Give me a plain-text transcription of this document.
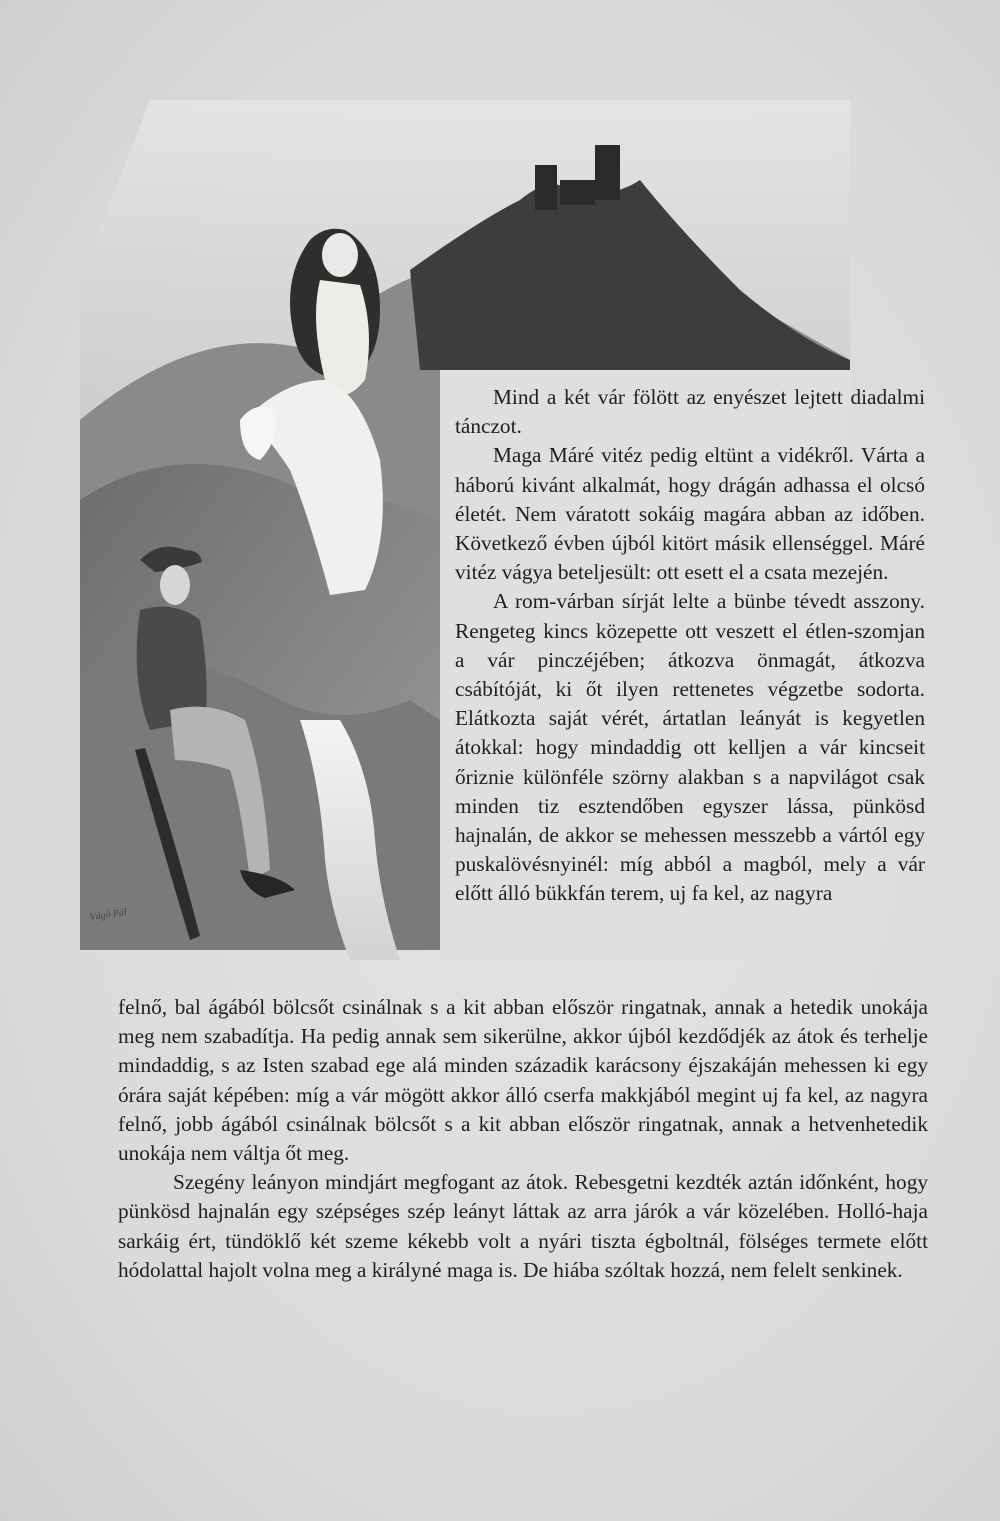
Morelli R. K.
Vágó Pál

Mind a két vár fölött az enyészet lejtett diadalmi tánczot.

Maga Máré vitéz pedig eltünt a vidékről. Várta a háború kivánt alkalmát, hogy drágán adhassa el olcsó életét. Nem váratott sokáig magára abban az időben. Következő évben újból kitört másik ellenséggel. Máré vitéz vágya beteljesült: ott esett el a csata mezején.

A rom-várban sírját lelte a bünbe tévedt asszony. Rengeteg kincs közepette ott veszett el étlen-szomjan a vár pinczéjében; átkozva önmagát, átkozva csábítóját, ki őt ilyen rettenetes végzetbe sodorta. Elátkozta saját vérét, ártatlan leányát is kegyetlen átokkal: hogy mindaddig ott kelljen a vár kincseit őriznie különféle szörny alakban s a napvilágot csak minden tiz esztendőben egyszer lássa, pünkösd hajnalán, de akkor se mehessen messzebb a vártól egy puskalövésnyinél: míg abból a magból, mely a vár előtt álló bükkfán terem, uj fa kel, az nagyra

felnő, bal ágából bölcsőt csinálnak s a kit abban először ringatnak, annak a hetedik unokája meg nem szabadítja. Ha pedig annak sem sikerülne, akkor újból kezdődjék az átok és terhelje mindaddig, s az Isten szabad ege alá minden századik karácsony éjszakáján mehessen ki egy órára saját képében: míg a vár mögött akkor álló cserfa makkjából megint uj fa kel, az nagyra felnő, jobb ágából csinálnak bölcsőt s a kit abban először ringatnak, annak a hetvenhetedik unokája nem váltja őt meg.

Szegény leányon mindjárt megfogant az átok. Rebesgetni kezdték aztán időnként, hogy pünkösd hajnalán egy szépséges szép leányt láttak az arra járók a vár közelében. Holló-haja sarkáig ért, tündöklő két szeme kékebb volt a nyári tiszta égboltnál, fölséges termete előtt hódolattal hajolt volna meg a királyné maga is. De hiába szóltak hozzá, nem felelt senkinek.
